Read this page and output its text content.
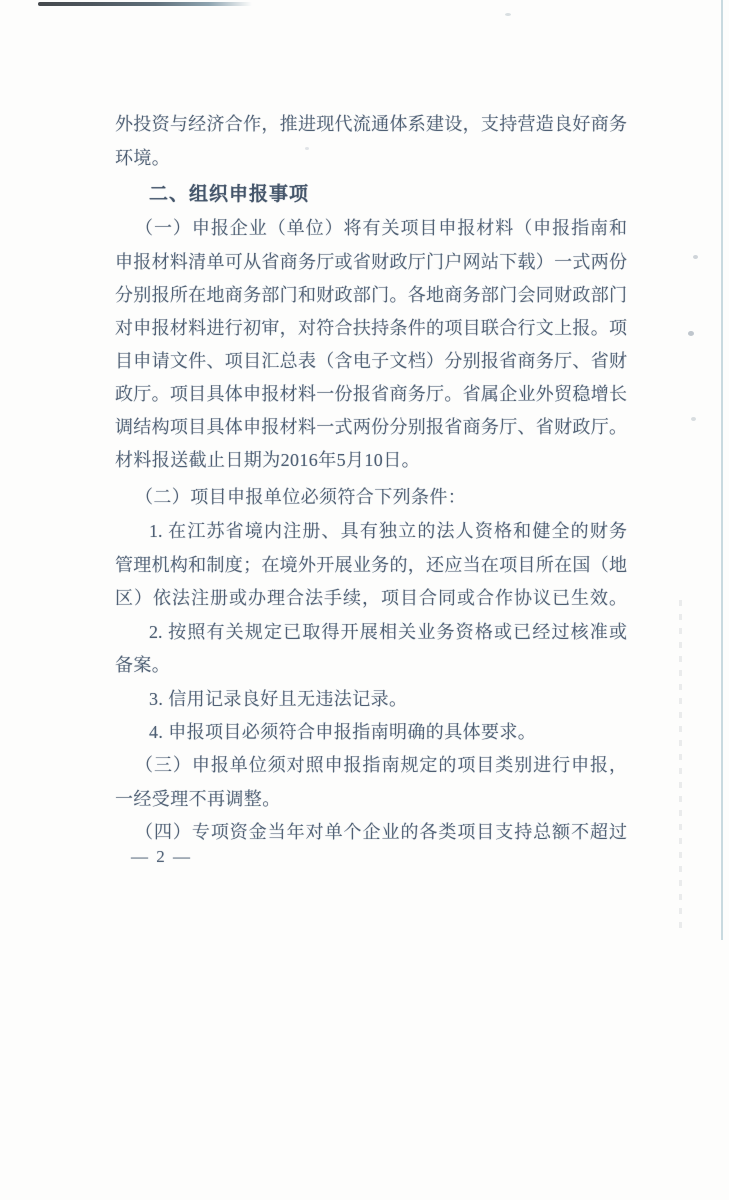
外投资与经济合作，推进现代流通体系建设，支持营造良好商务
环境。
二、组织申报事项
（一）申报企业（单位）将有关项目申报材料（申报指南和
申报材料清单可从省商务厅或省财政厅门户网站下载）一式两份
分别报所在地商务部门和财政部门。各地商务部门会同财政部门
对申报材料进行初审，对符合扶持条件的项目联合行文上报。项
目申请文件、项目汇总表（含电子文档）分别报省商务厅、省财
政厅。项目具体申报材料一份报省商务厅。省属企业外贸稳增长
调结构项目具体申报材料一式两份分别报省商务厅、省财政厅。
材料报送截止日期为2016年5月10日。
（二）项目申报单位必须符合下列条件：
1. 在江苏省境内注册、具有独立的法人资格和健全的财务
管理机构和制度；在境外开展业务的，还应当在项目所在国（地
区）依法注册或办理合法手续，项目合同或合作协议已生效。
2. 按照有关规定已取得开展相关业务资格或已经过核准或
备案。
3. 信用记录良好且无违法记录。
4. 申报项目必须符合申报指南明确的具体要求。
（三）申报单位须对照申报指南规定的项目类别进行申报，
一经受理不再调整。
（四）专项资金当年对单个企业的各类项目支持总额不超过
— 2 —
